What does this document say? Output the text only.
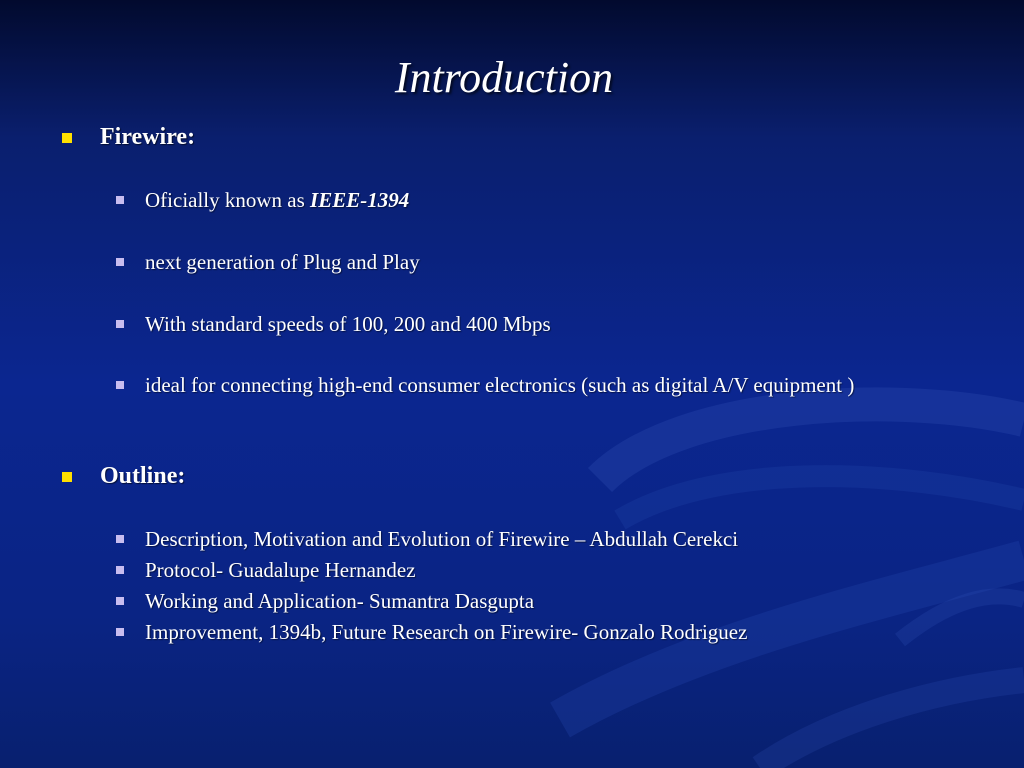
Introduction
Firewire:
Oficially known as IEEE-1394
next generation of Plug and Play
With standard speeds of 100, 200 and 400 Mbps
ideal for connecting high-end consumer electronics (such as digital A/V equipment )
Outline:
Description, Motivation and Evolution of Firewire – Abdullah Cerekci
Protocol- Guadalupe Hernandez
Working and Application- Sumantra Dasgupta
Improvement, 1394b, Future Research on Firewire- Gonzalo Rodriguez
